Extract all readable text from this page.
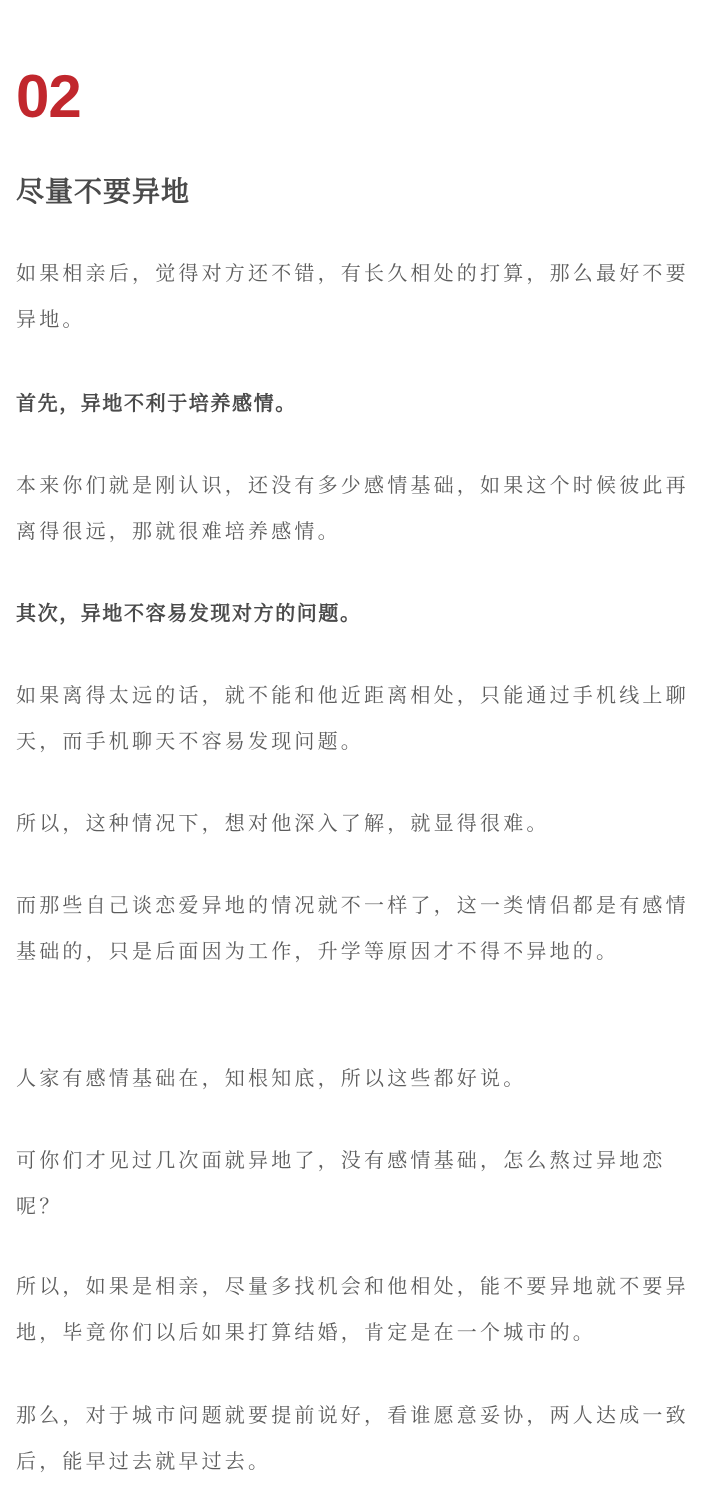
02
尽量不要异地

如果相亲后，觉得对方还不错，有长久相处的打算，那么最好不要异地。

首先，异地不利于培养感情。

本来你们就是刚认识，还没有多少感情基础，如果这个时候彼此再离得很远，那就很难培养感情。

其次，异地不容易发现对方的问题。

如果离得太远的话，就不能和他近距离相处，只能通过手机线上聊天，而手机聊天不容易发现问题。

所以，这种情况下，想对他深入了解，就显得很难。

而那些自己谈恋爱异地的情况就不一样了，这一类情侣都是有感情基础的，只是后面因为工作，升学等原因才不得不异地的。

人家有感情基础在，知根知底，所以这些都好说。

可你们才见过几次面就异地了，没有感情基础，怎么熬过异地恋呢？

所以，如果是相亲，尽量多找机会和他相处，能不要异地就不要异地，毕竟你们以后如果打算结婚，肯定是在一个城市的。

那么，对于城市问题就要提前说好，看谁愿意妥协，两人达成一致后，能早过去就早过去。
